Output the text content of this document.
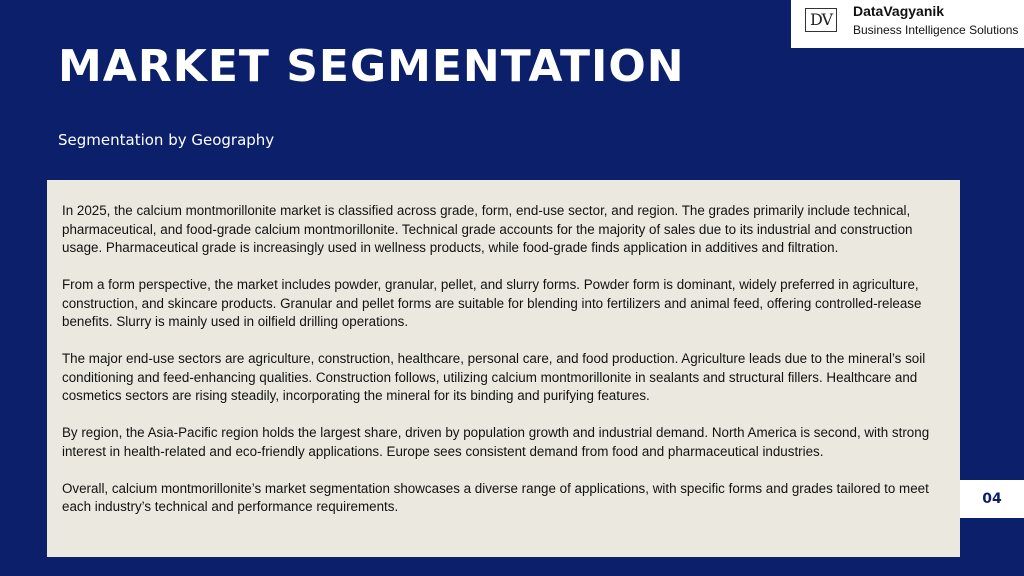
MARKET SEGMENTATION
Segmentation by Geography
DV	DataVagyanik
Business Intelligence Solutions

In 2025, the calcium montmorillonite market is classified across grade, form, end-use sector, and region. The grades primarily include technical, pharmaceutical, and food-grade calcium montmorillonite. Technical grade accounts for the majority of sales due to its industrial and construction usage. Pharmaceutical grade is increasingly used in wellness products, while food-grade finds application in additives and filtration.

From a form perspective, the market includes powder, granular, pellet, and slurry forms. Powder form is dominant, widely preferred in agriculture, construction, and skincare products. Granular and pellet forms are suitable for blending into fertilizers and animal feed, offering controlled-release benefits. Slurry is mainly used in oilfield drilling operations.

The major end-use sectors are agriculture, construction, healthcare, personal care, and food production. Agriculture leads due to the mineral’s soil conditioning and feed-enhancing qualities. Construction follows, utilizing calcium montmorillonite in sealants and structural fillers. Healthcare and cosmetics sectors are rising steadily, incorporating the mineral for its binding and purifying features.

By region, the Asia-Pacific region holds the largest share, driven by population growth and industrial demand. North America is second, with strong interest in health-related and eco-friendly applications. Europe sees consistent demand from food and pharmaceutical industries.

Overall, calcium montmorillonite’s market segmentation showcases a diverse range of applications, with specific forms and grades tailored to meet each industry’s technical and performance requirements.	04
